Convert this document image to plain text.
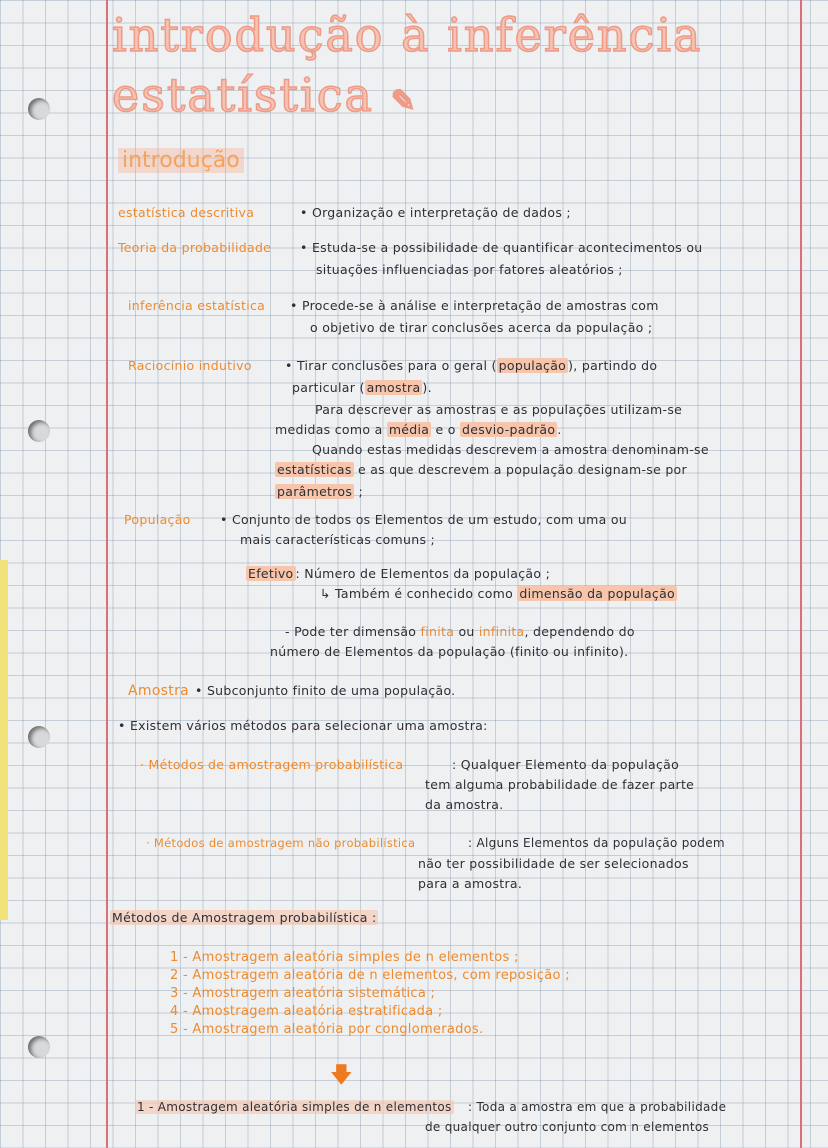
introdução à inferência
estatística ✎
introdução
estatística descritiva	• Organização e interpretação de dados ;
Teoria da probabilidade • Estuda-se a possibilidade de quantificar acontecimentos ou
situações influenciadas por fatores aleatórios ;
inferência estatística • Procede-se à análise e interpretação de amostras com
o objetivo de tirar conclusões acerca da população ;
Raciocínio indutivo	• Tirar conclusões para o geral ( população ), partindo do
particular ( amostra ).
Para descrever as amostras e as populações utilizam-se
medidas como a média e o desvio-padrão .
Quando estas medidas descrevem a amostra denominam-se
estatísticas e as que descrevem a população designam-se por
parâmetros ;
População • Conjunto de todos os Elementos de um estudo, com uma ou
mais características comuns ;
Efetivo : Número de Elementos da população ;
↳ Também é conhecido como dimensão da população
- Pode ter dimensão finita ou infinita, dependendo do
número de Elementos da população (finito ou infinito).
Amostra • Subconjunto finito de uma população.
• Existem vários métodos para selecionar uma amostra:
· Métodos de amostragem probabilística	: Qualquer Elemento da população
tem alguma probabilidade de fazer parte
da amostra.
· Métodos de amostragem não probabilística	: Alguns Elementos da população podem
não ter possibilidade de ser selecionados
para a amostra.
Métodos de Amostragem probabilística :
1 - Amostragem aleatória simples de n elementos ;
2 - Amostragem aleatória de n elementos, com reposição ;
3 - Amostragem aleatória sistemática ;
4 - Amostragem aleatória estratificada ;
5 - Amostragem aleatória por conglomerados.
🡇
1 - Amostragem aleatória simples de n elementos : Toda a amostra em que a probabilidade
de qualquer outro conjunto com n elementos
